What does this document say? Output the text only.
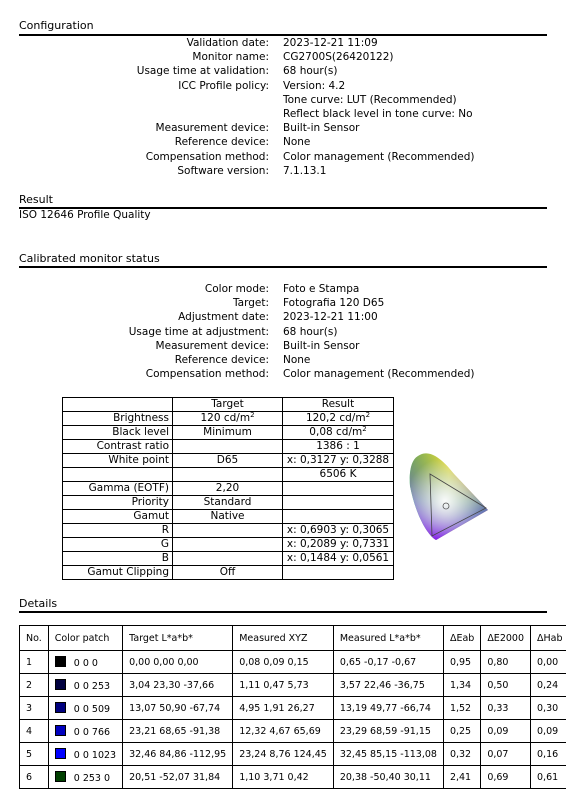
Configuration
Validation date: 2023-12-21 11:09
Monitor name: CG2700S(26420122)
Usage time at validation: 68 hour(s)
ICC Profile policy: Version: 4.2
Tone curve: LUT (Recommended)
Reflect black level in tone curve: No
Measurement device: Built-in Sensor
Reference device: None
Compensation method: Color management (Recommended)
Software version: 7.1.13.1
Result
ISO 12646 Profile Quality
Calibrated monitor status
Color mode: Foto e Stampa
Target: Fotografia 120 D65
Adjustment date: 2023-12-21 11:00
Usage time at adjustment: 68 hour(s)
Measurement device: Built-in Sensor
Reference device: None
Compensation method: Color management (Recommended)
	Target	Result
Brightness	120 $cd/m^2$	120,2 $cd/m^2$
Black level	Minimum	0,08 $cd/m^2$
Contrast ratio		1386 : 1
White point	D65	x: 0,3127 y: 0,3288
		6506 K
Gamma (EOTF)	2,20	
Priority	Standard	
Gamut	Native	
R		x: 0,6903 y: 0,3065
G		x: 0,2089 y: 0,7331
B		x: 0,1484 y: 0,0561
Gamut Clipping	Off	
Details
No.	Color patch	Target L*a*b*	Measured XYZ	Measured L*a*b*	ΔEab	ΔE2000	ΔHab
1	0 0 0	0,00 0,00 0,00	0,08 0,09 0,15	0,65 -0,17 -0,67	0,95	0,80	0,00
2	0 0 253	3,04 23,30 -37,66	1,11 0,47 5,73	3,57 22,46 -36,75	1,34	0,50	0,24
3	0 0 509	13,07 50,90 -67,74	4,95 1,91 26,27	13,19 49,77 -66,74	1,52	0,33	0,30
4	0 0 766	23,21 68,65 -91,38	12,32 4,67 65,69	23,29 68,59 -91,15	0,25	0,09	0,09
5	0 0 1023	32,46 84,86 -112,95	23,24 8,76 124,45	32,45 85,15 -113,08	0,32	0,07	0,16
6	0 253 0	20,51 -52,07 31,84	1,10 3,71 0,42	20,38 -50,40 30,11	2,41	0,69	0,61
